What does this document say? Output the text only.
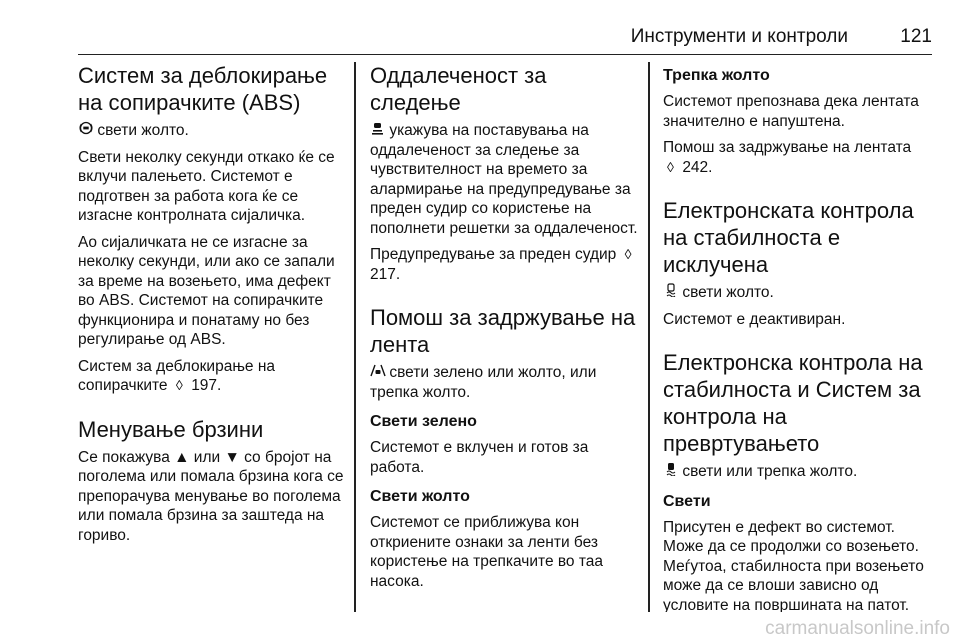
Инструменти и контроли	121
Систем за деблокирање на сопирачките (ABS)

свети жолто.

Свети неколку секунди откако ќе се вклучи палењето. Системот е подготвен за работа кога ќе се изгасне контролната сијаличка.

Ао сијаличката не се изгасне за неколку секунди, или ако се запали за време на возењето, има дефект во ABS. Системот на сопирачките функционира и понатаму но без регулирање од ABS.

Систем за деблокирање на сопирачките ◊ 197.

Менување брзини

Се покажува ▲ или ▼ со бројот на поголема или помала брзина кога се препорачува менување во поголема или помала брзина за заштеда на гориво.

Оддалеченост за следење

укажува на поставувања на оддалеченост за следење за чувствителност на времето за алармирање на предупредување за преден судир со користење на пополнети решетки за оддалеченост.

Предупредување за преден судир ◊ 217.

Помош за задржување на лента

свети зелено или жолто, или трепка жолто.

Свети зелено

Системот е вклучен и готов за работа.

Свети жолто

Системот се приближува кон откриените ознаки за ленти без користење на трепкачите во таа насока.

Трепка жолто

Системот препознава дека лентата значително е напуштена.

Помош за задржување на лентата
◊ 242.

Електронската контрола на стабилноста е исклучена

свети жолто.

Системот е деактивиран.

Електронска контрола на стабилноста и Систем за контрола на превртувањето

свети или трепка жолто.

Свети

Присутен е дефект во системот. Може да се продолжи со возењето. Меѓутоа, стабилноста при возењето може да се влоши зависно од условите на површината на патот.

carmanualsonline.info
